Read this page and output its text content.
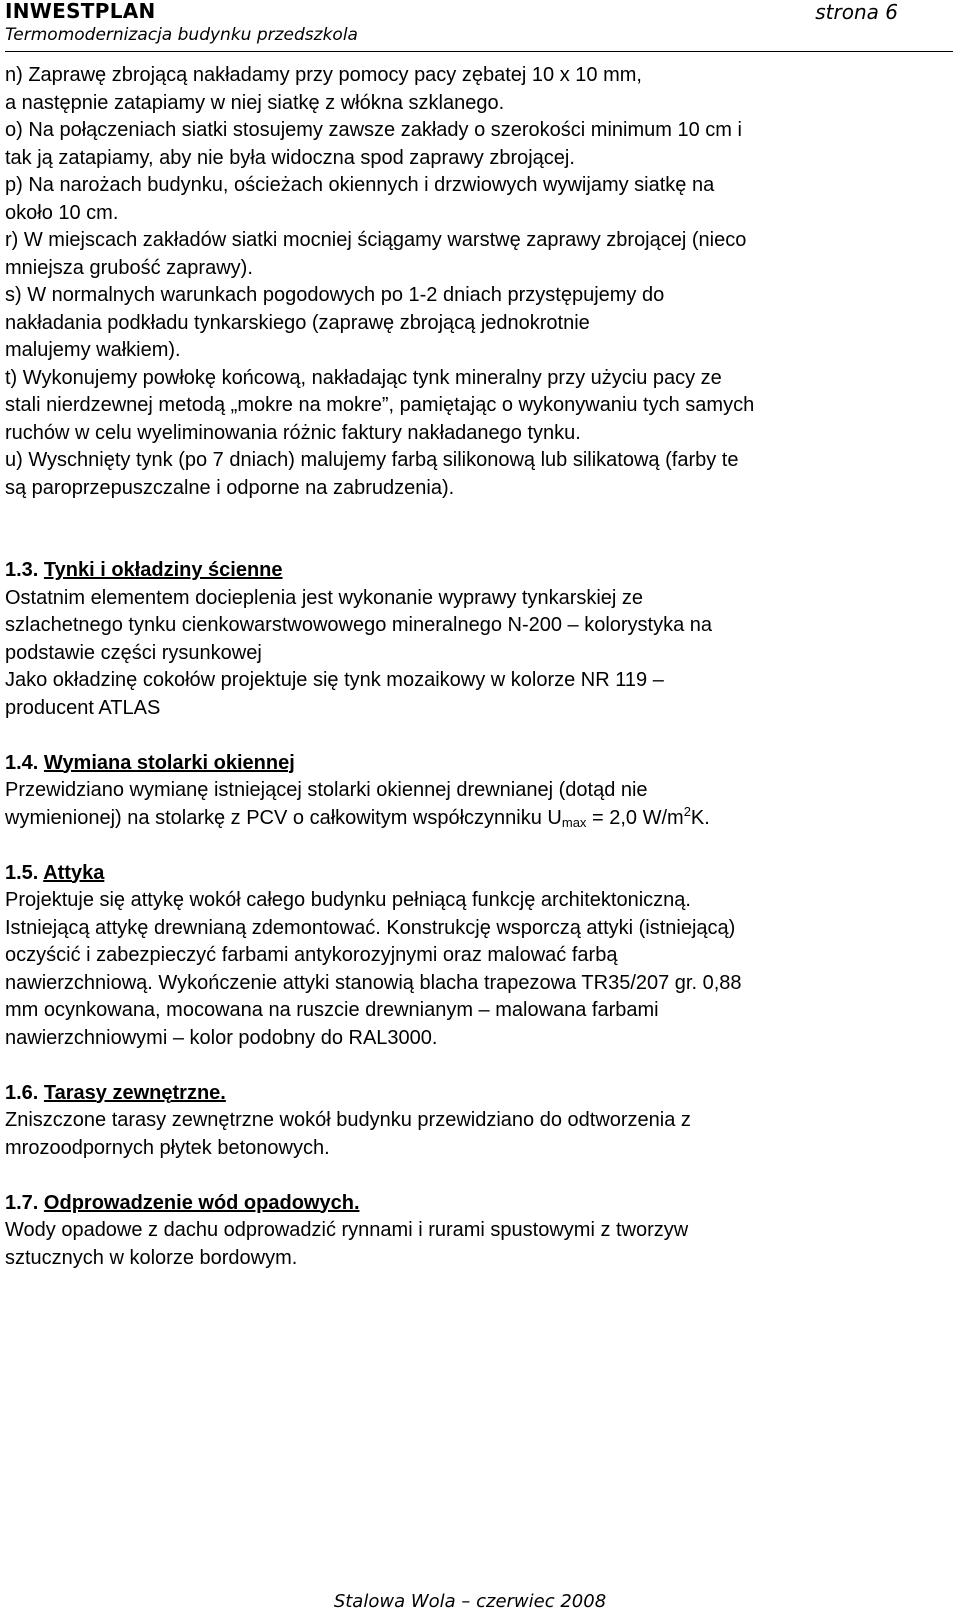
INWESTPLAN
Termomodernizacja budynku przedszkola
strona 6
n) Zaprawę zbrojącą nakładamy przy pomocy pacy zębatej 10 x 10 mm,
a następnie zatapiamy w niej siatkę z włókna szklanego.
o) Na połączeniach siatki stosujemy zawsze zakłady o szerokości minimum 10 cm i
tak ją zatapiamy, aby nie była widoczna spod zaprawy zbrojącej.
p) Na narożach budynku, ościeżach okiennych i drzwiowych wywijamy siatkę na
około 10 cm.
r) W miejscach zakładów siatki mocniej ściągamy warstwę zaprawy zbrojącej (nieco
mniejsza grubość zaprawy).
s) W normalnych warunkach pogodowych po 1-2 dniach przystępujemy do
nakładania podkładu tynkarskiego (zaprawę zbrojącą jednokrotnie
malujemy wałkiem).
t) Wykonujemy powłokę końcową, nakładając tynk mineralny przy użyciu pacy ze
stali nierdzewnej metodą „mokre na mokre”, pamiętając o wykonywaniu tych samych
ruchów w celu wyeliminowania różnic faktury nakładanego tynku.
u) Wyschnięty tynk (po 7 dniach) malujemy farbą silikonową lub silikatową (farby te
są paroprzepuszczalne i odporne na zabrudzenia).
1.3. Tynki i okładziny ścienne
Ostatnim elementem docieplenia jest wykonanie wyprawy tynkarskiej ze
szlachetnego tynku cienkowarstwowowego mineralnego N-200 – kolorystyka na
podstawie części rysunkowej
Jako okładzinę cokołów projektuje się tynk mozaikowy w kolorze NR 119 –
producent ATLAS
1.4. Wymiana stolarki okiennej
Przewidziano wymianę istniejącej stolarki okiennej drewnianej (dotąd nie
wymienionej) na stolarkę z PCV o całkowitym współczynniku Umax = 2,0 $W/m^2K$.
1.5. Attyka
Projektuje się attykę wokół całego budynku pełniącą funkcję architektoniczną.
Istniejącą attykę drewnianą zdemontować. Konstrukcję wsporczą attyki (istniejącą)
oczyścić i zabezpieczyć farbami antykorozyjnymi oraz malować farbą
nawierzchniową. Wykończenie attyki stanowią blacha trapezowa TR35/207 gr. 0,88
mm ocynkowana, mocowana na ruszcie drewnianym – malowana farbami
nawierzchniowymi – kolor podobny do RAL3000.
1.6. Tarasy zewnętrzne.
Zniszczone tarasy zewnętrzne wokół budynku przewidziano do odtworzenia z
mrozoodpornych płytek betonowych.
1.7. Odprowadzenie wód opadowych.
Wody opadowe z dachu odprowadzić rynnami i rurami spustowymi z tworzyw
sztucznych w kolorze bordowym.
Stalowa Wola – czerwiec 2008
